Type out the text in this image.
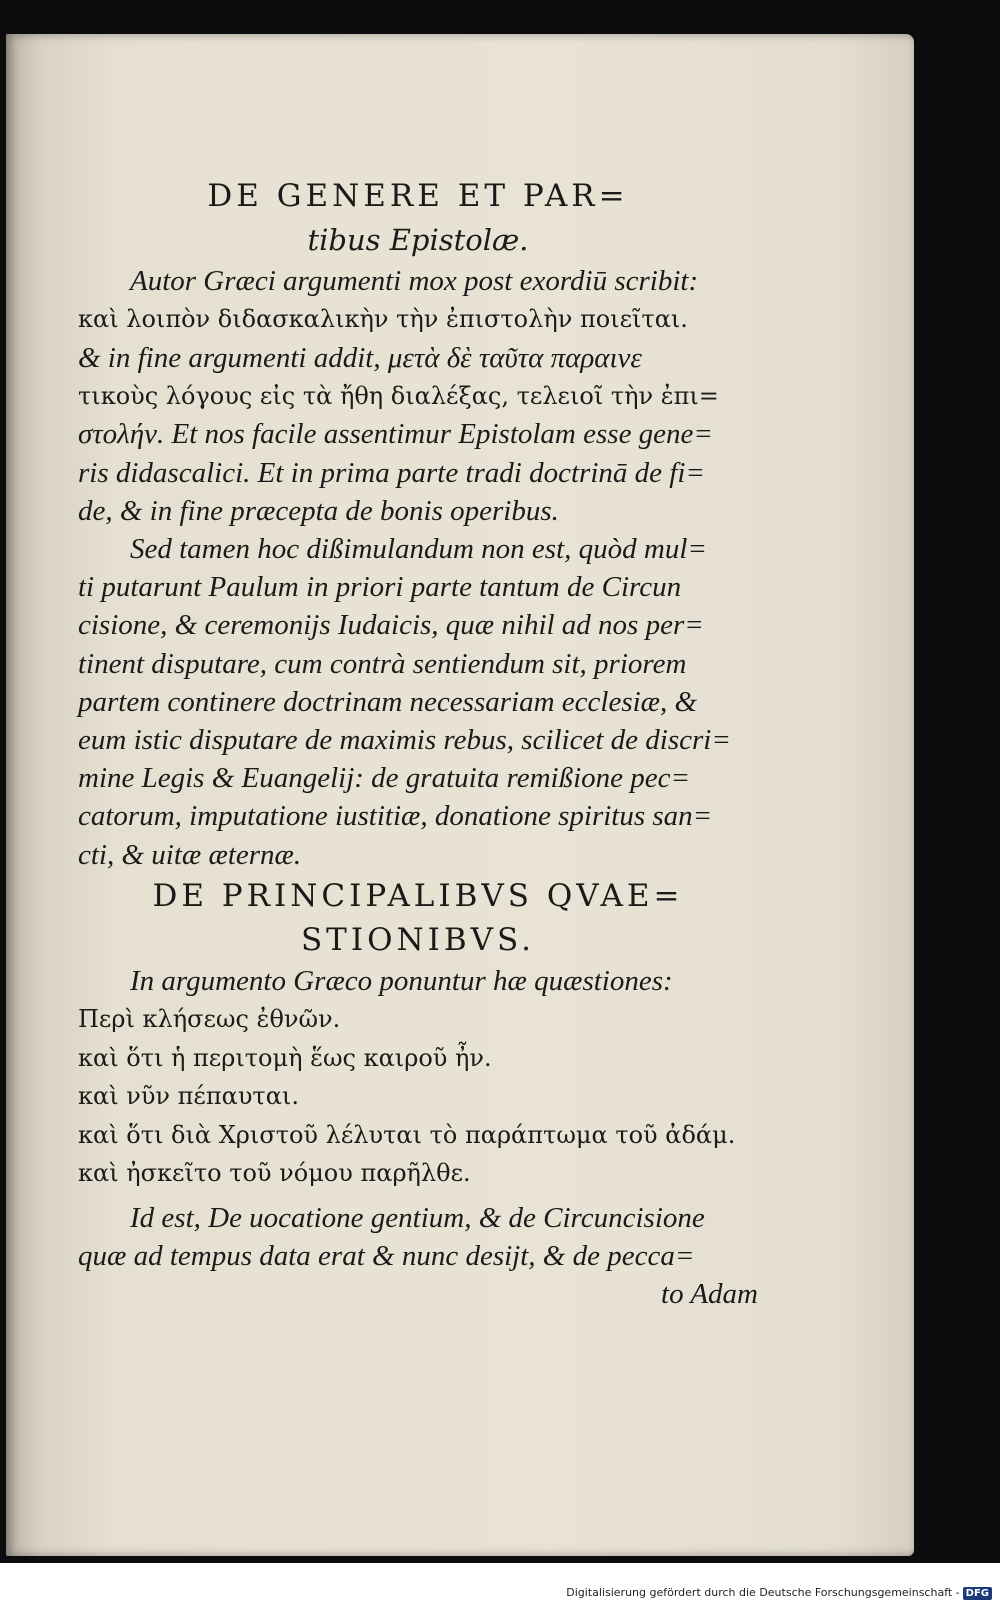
DE GENERE ET PAR=

tibus Epistolæ.

Autor Græci argumenti mox post exordiū scribit:
καὶ λοιπὸν διδασκαλικὴν τὴν ἐπιστολὴν ποιεῖται.
& in fine argumenti addit, μετὰ δὲ ταῦτα παραινε
τικοὺς λόγους εἰς τὰ ἤθη διαλέξας, τελειοῖ τὴν ἐπι=
στολήν. Et nos facile assentimur Epistolam esse gene=
ris didascalici. Et in prima parte tradi doctrinā de fi=
de, & in fine præcepta de bonis operibus.

Sed tamen hoc dißimulandum non est, quòd mul=
ti putarunt Paulum in priori parte tantum de Circun
cisione, & ceremonijs Iudaicis, quæ nihil ad nos per=
tinent disputare, cum contrà sentiendum sit, priorem
partem continere doctrinam necessariam ecclesiæ, &
eum istic disputare de maximis rebus, scilicet de discri=
mine Legis & Euangelij: de gratuita remißione pec=
catorum, imputatione iustitiæ, donatione spiritus san=
cti, & uitæ æternæ.

DE PRINCIPALIBVS QVAE=

STIONIBVS.

In argumento Græco ponuntur hæ quæstiones:
Περὶ κλήσεως ἐθνῶν.
καὶ ὅτι ἡ περιτομὴ ἕως καιροῦ ἦν.
καὶ νῦν πέπαυται.
καὶ ὅτι διὰ Χριστοῦ λέλυται τὸ παράπτωμα τοῦ ἀδάμ.
καὶ ἠσκεῖτο τοῦ νόμου παρῆλθε.

Id est, De uocatione gentium, & de Circuncisione
quæ ad tempus data erat & nunc desijt, & de pecca=
to Adam

Digitalisierung gefördert durch die Deutsche Forschungsgemeinschaft - DFG
